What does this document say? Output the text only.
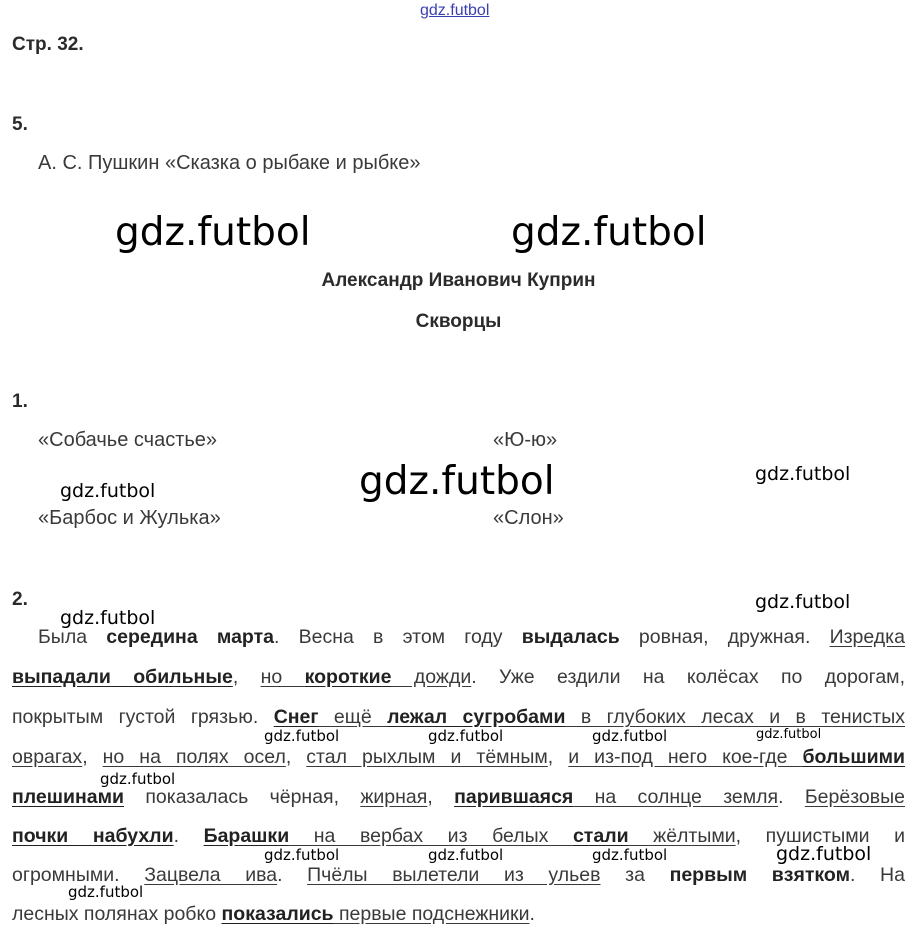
gdz.futbol
gdz.futbol	gdz.futbol
gdz.futbol	gdz.futbol
gdz.futbol
gdz.futbol
gdz.futbol
gdz.futbol	gdz.futbol	gdz.futbol	gdz.futbol
gdz.futbol
gdz.futbol	gdz.futbol	gdz.futbol	gdz.futbol
gdz.futbol
Стр. 32.
5.
А. С. Пушкин «Сказка о рыбаке и рыбке»
Александр Иванович Куприн
Скворцы
1.
«Собачье счастье»	«Ю-ю»
«Барбос и Жулька»	«Слон»
2.
Была середина марта. Весна в этом году выдалась ровная, дружная. Изредка
выпадали обильные, но короткие дожди. Уже ездили на колёсах по дорогам,
покрытым густой грязью. Снег ещё лежал сугробами в глубоких лесах и в тенистых
оврагах, но на полях осел, стал рыхлым и тёмным, и из-под него кое-где большими
плешинами показалась чёрная, жирная, парившаяся на солнце земля. Берёзовые
почки набухли. Барашки на вербах из белых стали жёлтыми, пушистыми и
огромными. Зацвела ива. Пчёлы вылетели из ульев за первым взятком. На
лесных полянах робко показались первые подснежники.
